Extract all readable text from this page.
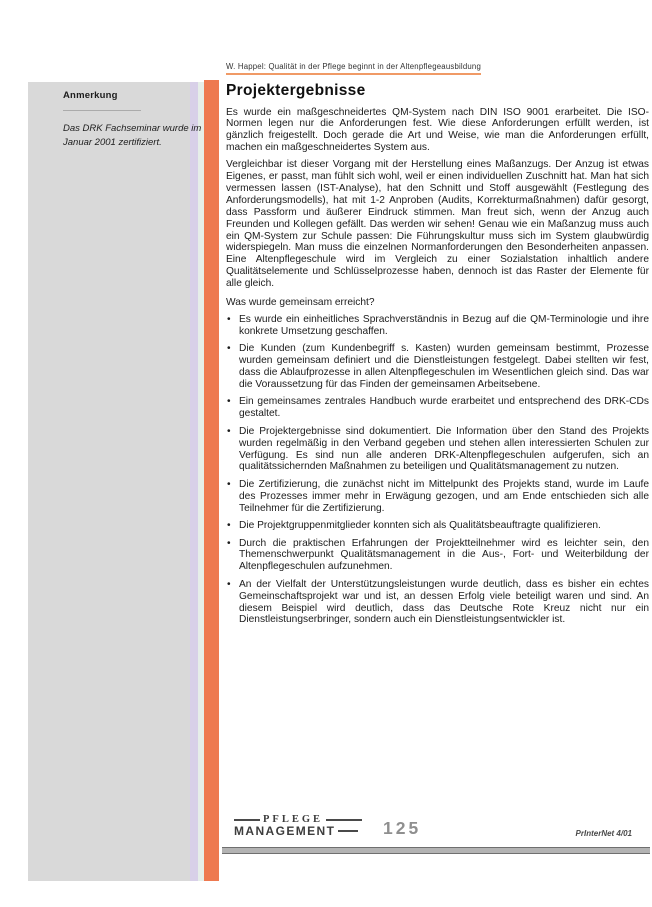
Anmerkung
Das DRK Fachseminar wurde im Januar 2001 zertifiziert.
W. Happel: Qualität in der Pflege beginnt in der Altenpflegeausbildung
Projektergebnisse

Es wurde ein maßgeschneidertes QM-System nach DIN ISO 9001 erarbeitet. Die ISO-Normen legen nur die Anforderungen fest. Wie diese Anforderungen erfüllt werden, ist gänzlich freigestellt. Doch gerade die Art und Weise, wie man die Anforderungen erfüllt, machen ein maßgeschneidertes System aus.

Vergleichbar ist dieser Vorgang mit der Herstellung eines Maßanzugs. Der Anzug ist etwas Eigenes, er passt, man fühlt sich wohl, weil er einen individuellen Zuschnitt hat. Man hat sich vermessen lassen (IST-Analyse), hat den Schnitt und Stoff ausgewählt (Festlegung des Anforderungsmodells), hat mit 1-2 Anproben (Audits, Korrekturmaßnahmen) dafür gesorgt, dass Passform und äußerer Eindruck stimmen. Man freut sich, wenn der Anzug auch Freunden und Kollegen gefällt. Das werden wir sehen! Genau wie ein Maßanzug muss auch ein QM-System zur Schule passen: Die Führungskultur muss sich im System glaubwürdig widerspiegeln. Man muss die einzelnen Normanforderungen den Besonderheiten anpassen. Eine Altenpflegeschule wird im Vergleich zu einer Sozialstation inhaltlich andere Qualitätselemente und Schlüsselprozesse haben, dennoch ist das Raster der Elemente für alle gleich.

Was wurde gemeinsam erreicht?

• Es wurde ein einheitliches Sprachverständnis in Bezug auf die QM-Terminologie und ihre konkrete Umsetzung geschaffen.
• Die Kunden (zum Kundenbegriff s. Kasten) wurden gemeinsam bestimmt, Prozesse wurden gemeinsam definiert und die Dienstleistungen festgelegt. Dabei stellten wir fest, dass die Ablaufprozesse in allen Altenpflegeschulen im Wesentlichen gleich sind. Das war die Voraussetzung für das Finden der gemeinsamen Arbeitsebene.
• Ein gemeinsames zentrales Handbuch wurde erarbeitet und entsprechend des DRK-CDs gestaltet.
• Die Projektergebnisse sind dokumentiert. Die Information über den Stand des Projekts wurden regelmäßig in den Verband gegeben und stehen allen interessierten Schulen zur Verfügung. Es sind nun alle anderen DRK-Altenpflegeschulen aufgerufen, sich an qualitätssichernden Maßnahmen zu beteiligen und Qualitätsmanagement zu nutzen.
• Die Zertifizierung, die zunächst nicht im Mittelpunkt des Projekts stand, wurde im Laufe des Prozesses immer mehr in Erwägung gezogen, und am Ende entschieden sich alle Teilnehmer für die Zertifizierung.
• Die Projektgruppenmitglieder konnten sich als Qualitätsbeauftragte qualifizieren.
• Durch die praktischen Erfahrungen der Projektteilnehmer wird es leichter sein, den Themenschwerpunkt Qualitätsmanagement in die Aus-, Fort- und Weiterbildung der Altenpflegeschulen aufzunehmen.
• An der Vielfalt der Unterstützungsleistungen wurde deutlich, dass es bisher ein echtes Gemeinschaftsprojekt war und ist, an dessen Erfolg viele beteiligt waren und sind. An diesem Beispiel wird deutlich, dass das Deutsche Rote Kreuz nicht nur ein Dienstleistungserbringer, sondern auch ein Dienstleistungsentwickler ist.
PFLEGE
MANAGEMENT	125	PrInterNet 4/01
